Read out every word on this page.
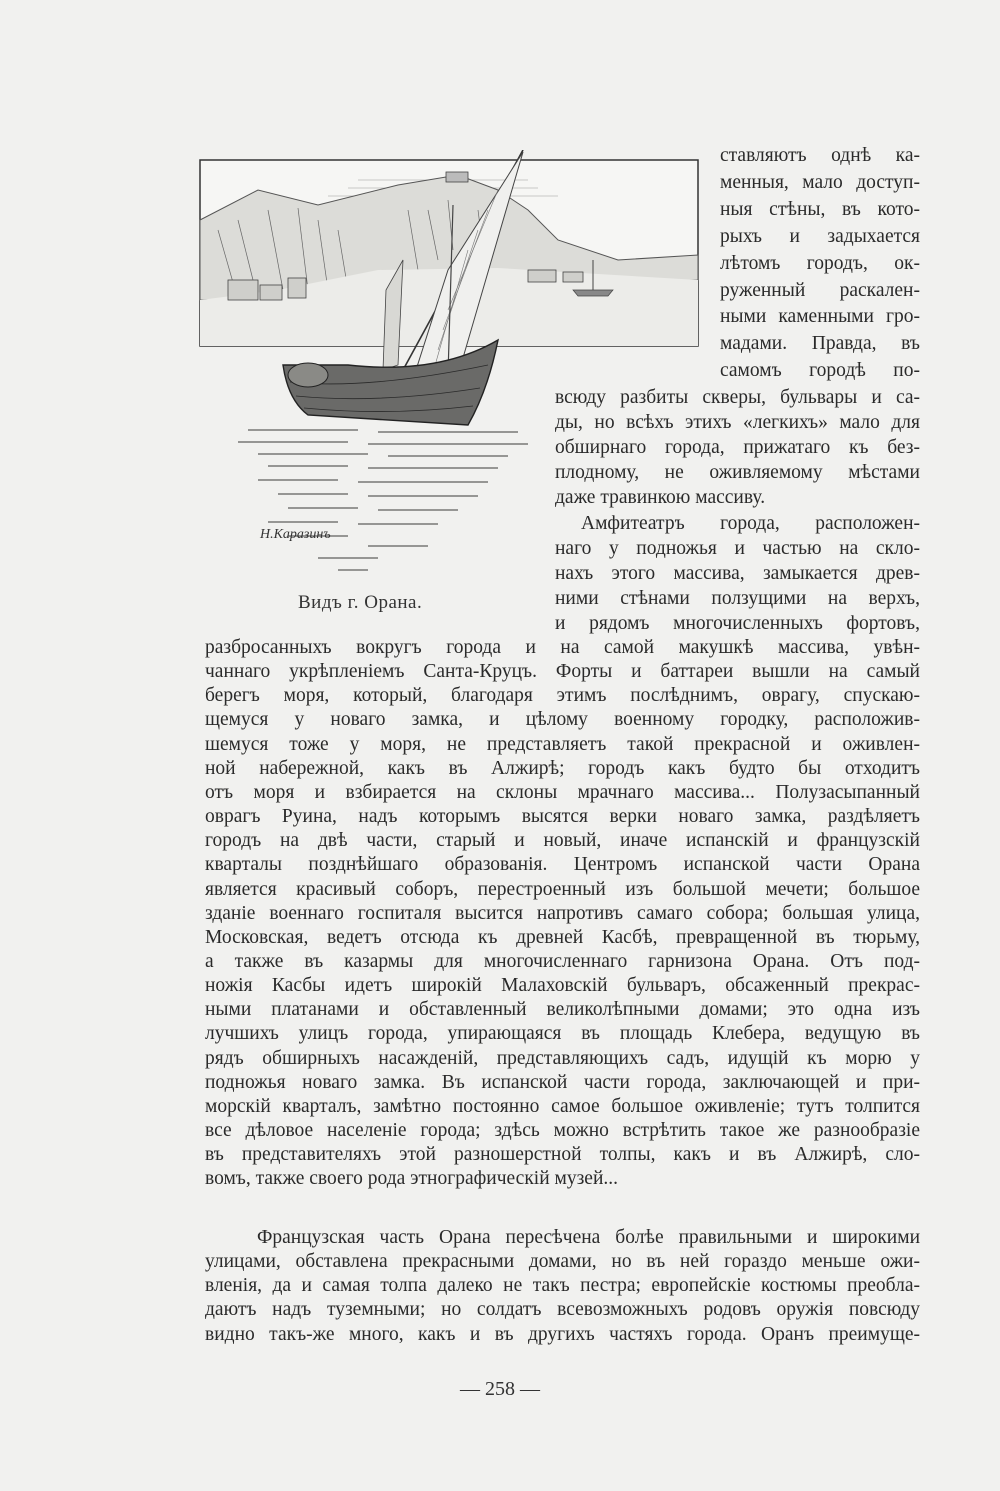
Н.Каразинъ
Видъ г. Орана.
ставляютъ однѣ ка-
менныя, мало доступ-
ныя стѣны, въ кото-
рыхъ и задыхается
лѣтомъ городъ, ок-
руженный раскален-
ными каменными гро-
мадами. Правда, въ
самомъ городѣ по-
всюду разбиты скверы, бульвары и са-
ды, но всѣхъ этихъ «легкихъ» мало для
обширнаго города, прижатаго къ без-
плодному, не оживляемому мѣстами
даже травинкою массиву.
Амфитеатръ города, расположен-
наго у подножья и частью на скло-
нахъ этого массива, замыкается древ-
ними стѣнами ползущими на верхъ,
и рядомъ многочисленныхъ фортовъ,
разбросанныхъ вокругъ города и на самой макушкѣ массива, увѣн-
чаннаго укрѣпленіемъ Санта-Круцъ. Форты и баттареи вышли на самый
берегъ моря, который, благодаря этимъ послѣднимъ, оврагу, спускаю-
щемуся у новаго замка, и цѣлому военному городку, расположив-
шемуся тоже у моря, не представляетъ такой прекрасной и оживлен-
ной набережной, какъ въ Алжирѣ; городъ какъ будто бы отходитъ
отъ моря и взбирается на склоны мрачнаго массива... Полузасыпанный
оврагъ Руина, надъ которымъ высятся верки новаго замка, раздѣляетъ
городъ на двѣ части, старый и новый, иначе испанскій и французскій
кварталы позднѣйшаго образованія. Центромъ испанской части Орана
является красивый соборъ, перестроенный изъ большой мечети; большое
зданіе военнаго госпиталя высится напротивъ самаго собора; большая улица,
Московская, ведетъ отсюда къ древней Касбѣ, превращенной въ тюрьму,
а также въ казармы для многочисленнаго гарнизона Орана. Отъ под-
ножія Касбы идетъ широкій Малаховскій бульваръ, обсаженный прекрас-
ными платанами и обставленный великолѣпными домами; это одна изъ
лучшихъ улицъ города, упирающаяся въ площадь Клебера, ведущую въ
рядъ обширныхъ насажденій, представляющихъ садъ, идущій къ морю у
подножья новаго замка. Въ испанской части города, заключающей и при-
морскій кварталъ, замѣтно постоянно самое большое оживленіе; тутъ толпится
все дѣловое населеніе города; здѣсь можно встрѣтить такое же разнообразіе
въ представителяхъ этой разношерстной толпы, какъ и въ Алжирѣ, сло-
вомъ, также своего рода этнографическій музей...
Французская часть Орана пересѣчена болѣе правильными и широкими
улицами, обставлена прекрасными домами, но въ ней гораздо меньше ожи-
вленія, да и самая толпа далеко не такъ пестра; европейскіе костюмы преобла-
даютъ надъ туземными; но солдатъ всевозможныхъ родовъ оружія повсюду
видно такъ-же много, какъ и въ другихъ частяхъ города. Оранъ преимуще-
— 258 —
